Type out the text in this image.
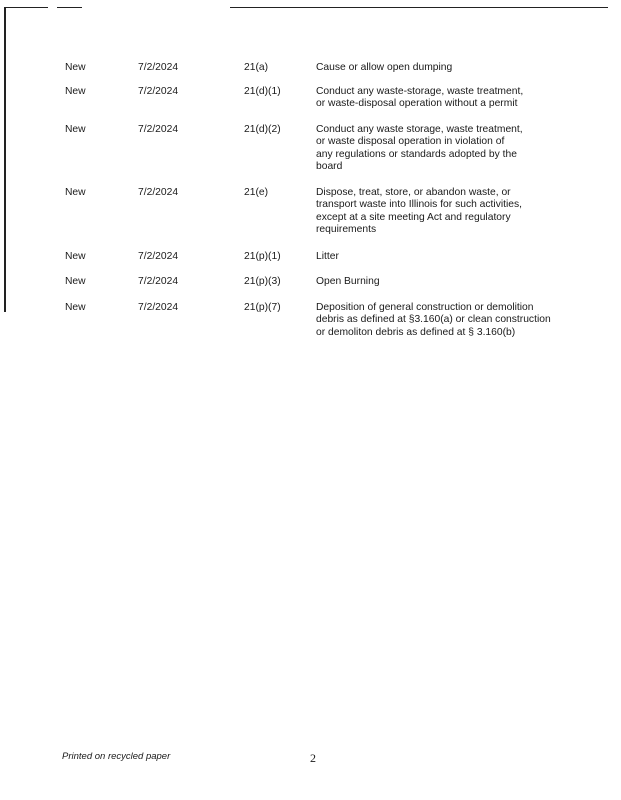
New	7/2/2024	21(a)	Cause or allow open dumping
New	7/2/2024	21(d)(1)	Conduct any waste-storage, waste treatment,
or waste-disposal operation without a permit
New	7/2/2024	21(d)(2)	Conduct any waste storage, waste treatment,
or waste disposal operation in violation of
any regulations or standards adopted by the
board
New	7/2/2024	21(e)	Dispose, treat, store, or abandon waste, or
transport waste into Illinois for such activities,
except at a site meeting Act and regulatory
requirements
New	7/2/2024	21(p)(1)	Litter
New	7/2/2024	21(p)(3)	Open Burning
New	7/2/2024	21(p)(7)	Deposition of general construction or demolition
debris as defined at §3.160(a) or clean construction
or demoliton debris as defined at § 3.160(b)
Printed on recycled paper	2
